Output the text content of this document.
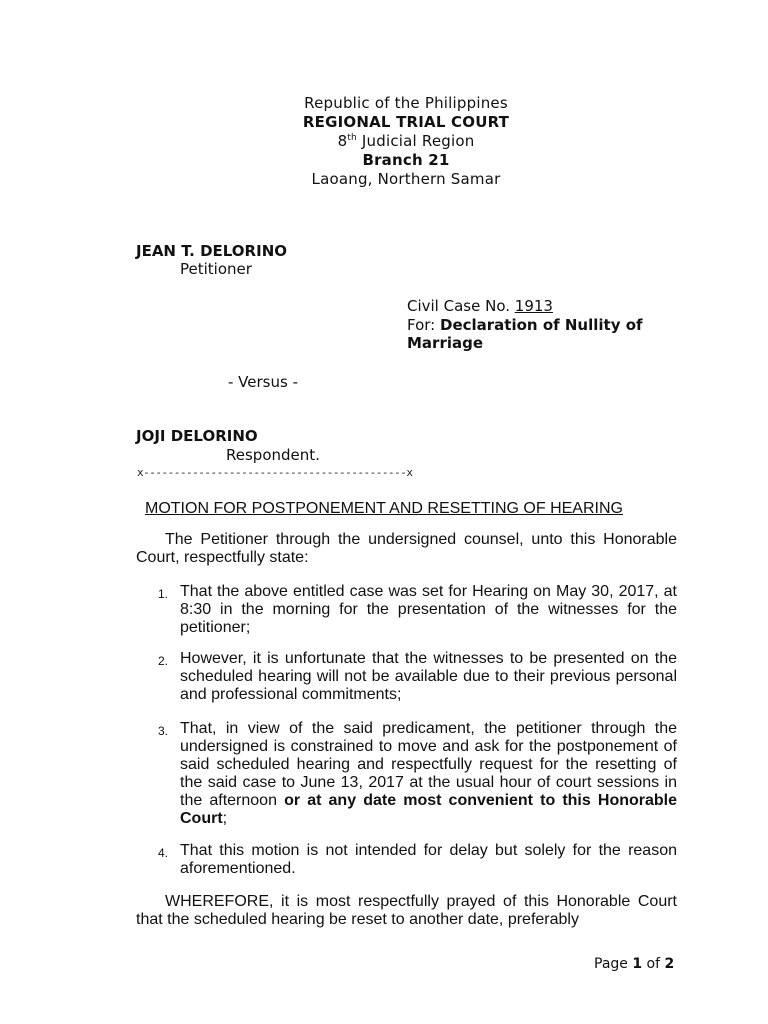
Republic of the Philippines
REGIONAL TRIAL COURT
8th Judicial Region
Branch 21
Laoang, Northern Samar
JEAN T. DELORINO
Petitioner
Civil Case No. 1913
For: Declaration of Nullity of
Marriage
- Versus -
JOJI DELORINO
Respondent.
x-------------------------------------------x
MOTION FOR POSTPONEMENT AND RESETTING OF HEARING
The Petitioner through the undersigned counsel, unto this Honorable Court, respectfully state:
1. That the above entitled case was set for Hearing on May 30, 2017, at 8:30 in the morning for the presentation of the witnesses for the petitioner;
2. However, it is unfortunate that the witnesses to be presented on the scheduled hearing will not be available due to their previous personal and professional commitments;
3. That, in view of the said predicament, the petitioner through the undersigned is constrained to move and ask for the postponement of said scheduled hearing and respectfully request for the resetting of the said case to June 13, 2017 at the usual hour of court sessions in the afternoon or at any date most convenient to this Honorable Court;
4. That this motion is not intended for delay but solely for the reason aforementioned.
WHEREFORE, it is most respectfully prayed of this Honorable Court that the scheduled hearing be reset to another date, preferably
Page 1 of 2
